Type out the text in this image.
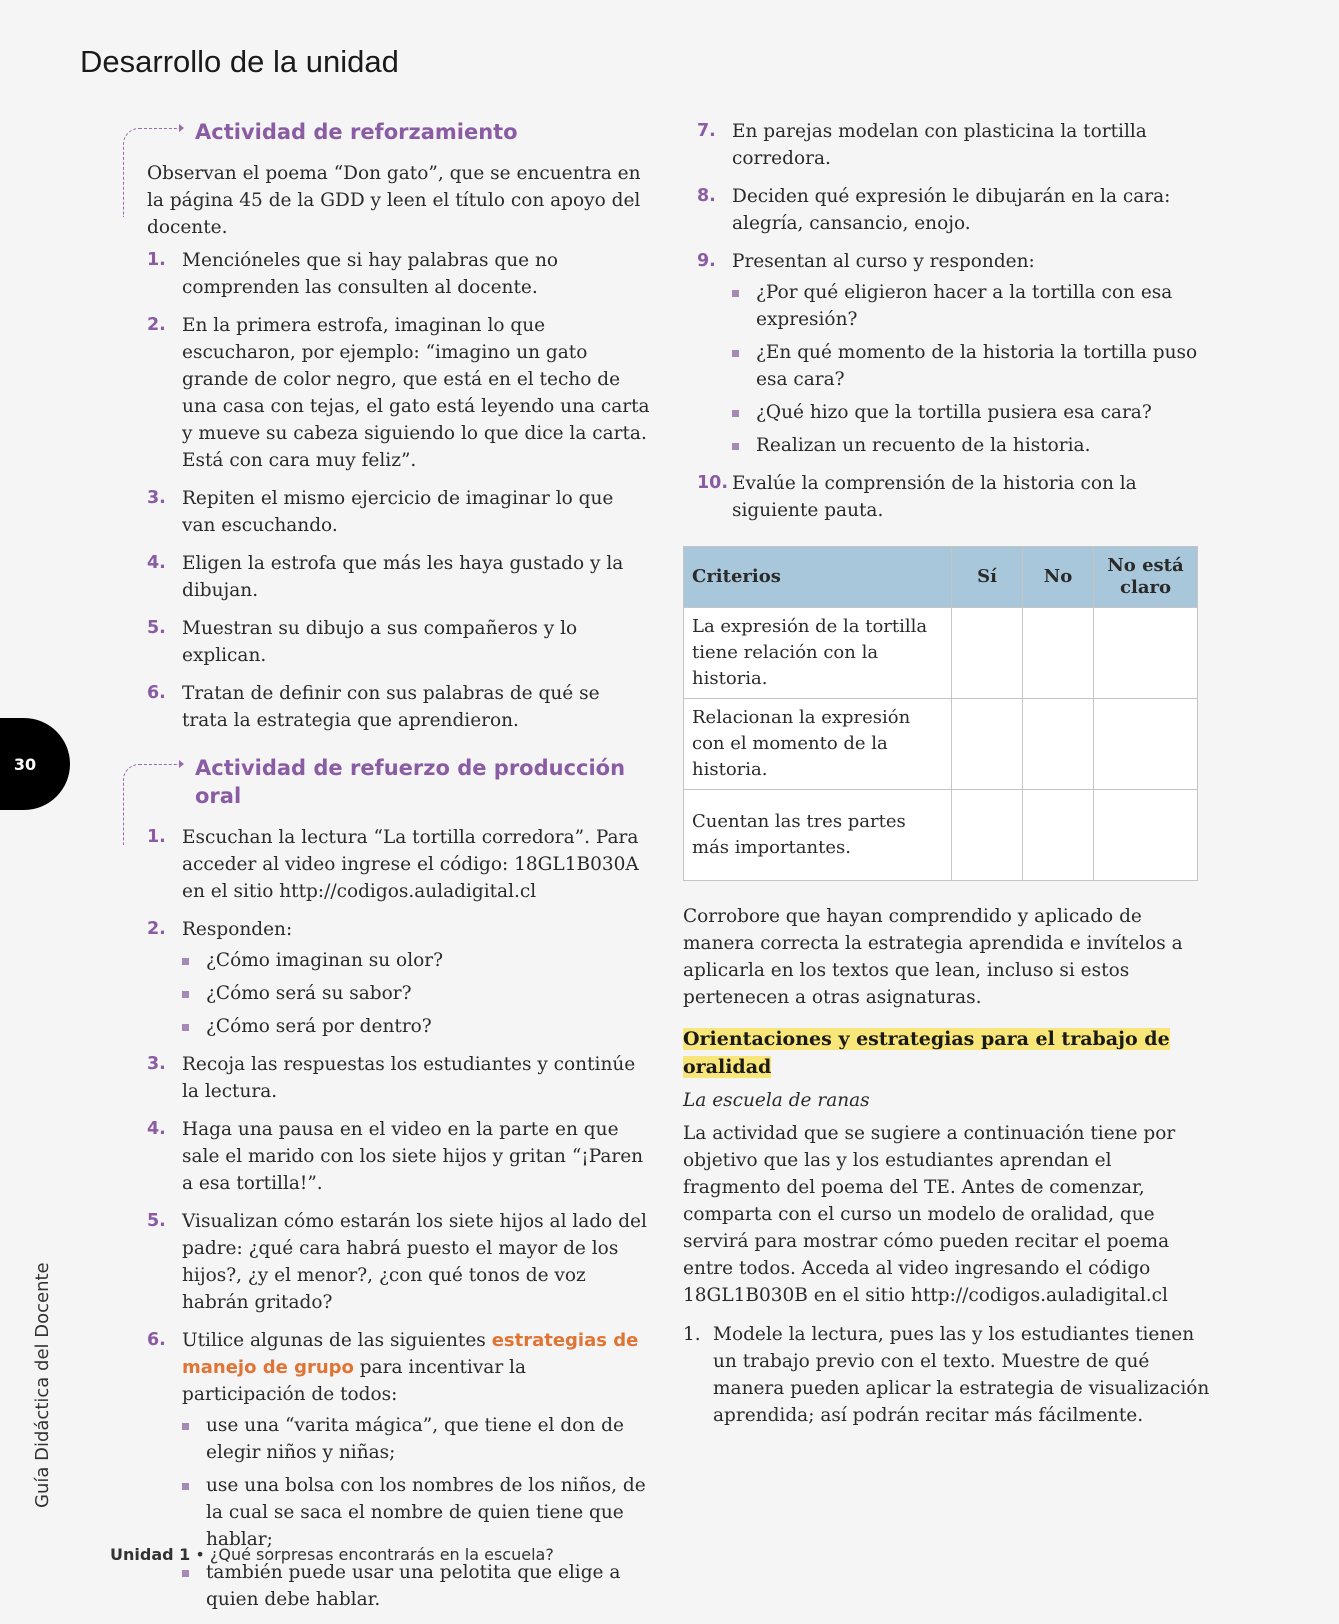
Desarrollo de la unidad
Actividad de reforzamiento

Observan el poema “Don gato”, que se encuentra en la página 45 de la GDD y leen el título con apoyo del docente.

1. Mencióneles que si hay palabras que no comprenden las consulten al docente.
2. En la primera estrofa, imaginan lo que escucharon, por ejemplo: “imagino un gato grande de color negro, que está en el techo de una casa con tejas, el gato está leyendo una carta y mueve su cabeza siguiendo lo que dice la carta. Está con cara muy feliz”.
3. Repiten el mismo ejercicio de imaginar lo que van escuchando.
4. Eligen la estrofa que más les haya gustado y la dibujan.
5. Muestran su dibujo a sus compañeros y lo explican.
6. Tratan de definir con sus palabras de qué se trata la estrategia que aprendieron.
Actividad de refuerzo de producción oral
1. Escuchan la lectura “La tortilla corredora”. Para acceder al video ingrese el código: 18GL1B030A en el sitio http://codigos.auladigital.cl
2. Responden:
¿Cómo imaginan su olor?
¿Cómo será su sabor?
¿Cómo será por dentro?
3. Recoja las respuestas los estudiantes y continúe la lectura.
4. Haga una pausa en el video en la parte en que sale el marido con los siete hijos y gritan “¡Paren a esa tortilla!”.
5. Visualizan cómo estarán los siete hijos al lado del padre: ¿qué cara habrá puesto el mayor de los hijos?, ¿y el menor?, ¿con qué tonos de voz habrán gritado?
6. Utilice algunas de las siguientes estrategias de manejo de grupo para incentivar la participación de todos:
use una “varita mágica”, que tiene el don de elegir niños y niñas;
use una bolsa con los nombres de los niños, de la cual se saca el nombre de quien tiene que hablar;
también puede usar una pelotita que elige a quien debe hablar.
7. En parejas modelan con plasticina la tortilla corredora.
8. Deciden qué expresión le dibujarán en la cara: alegría, cansancio, enojo.
9. Presentan al curso y responden:
¿Por qué eligieron hacer a la tortilla con esa expresión?
¿En qué momento de la historia la tortilla puso esa cara?
¿Qué hizo que la tortilla pusiera esa cara?
Realizan un recuento de la historia.
10. Evalúe la comprensión de la historia con la siguiente pauta.
Criterios	Sí	No	No está claro
La expresión de la tortilla tiene relación con la historia.			
Relacionan la expresión con el momento de la historia.			
Cuentan las tres partes más importantes.			

Corrobore que hayan comprendido y aplicado de manera correcta la estrategia aprendida e invítelos a aplicarla en los textos que lean, incluso si estos pertenecen a otras asignaturas.

Orientaciones y estrategias para el trabajo de oralidad

La escuela de ranas

La actividad que se sugiere a continuación tiene por objetivo que las y los estudiantes aprendan el fragmento del poema del TE. Antes de comenzar, comparta con el curso un modelo de oralidad, que servirá para mostrar cómo pueden recitar el poema entre todos. Acceda al video ingresando el código 18GL1B030B en el sitio http://codigos.auladigital.cl

1. Modele la lectura, pues las y los estudiantes tienen un trabajo previo con el texto. Muestre de qué manera pueden aplicar la estrategia de visualización aprendida; así podrán recitar más fácilmente.
30
Guía Didáctica del Docente
Unidad 1 • ¿Qué sorpresas encontrarás en la escuela?
